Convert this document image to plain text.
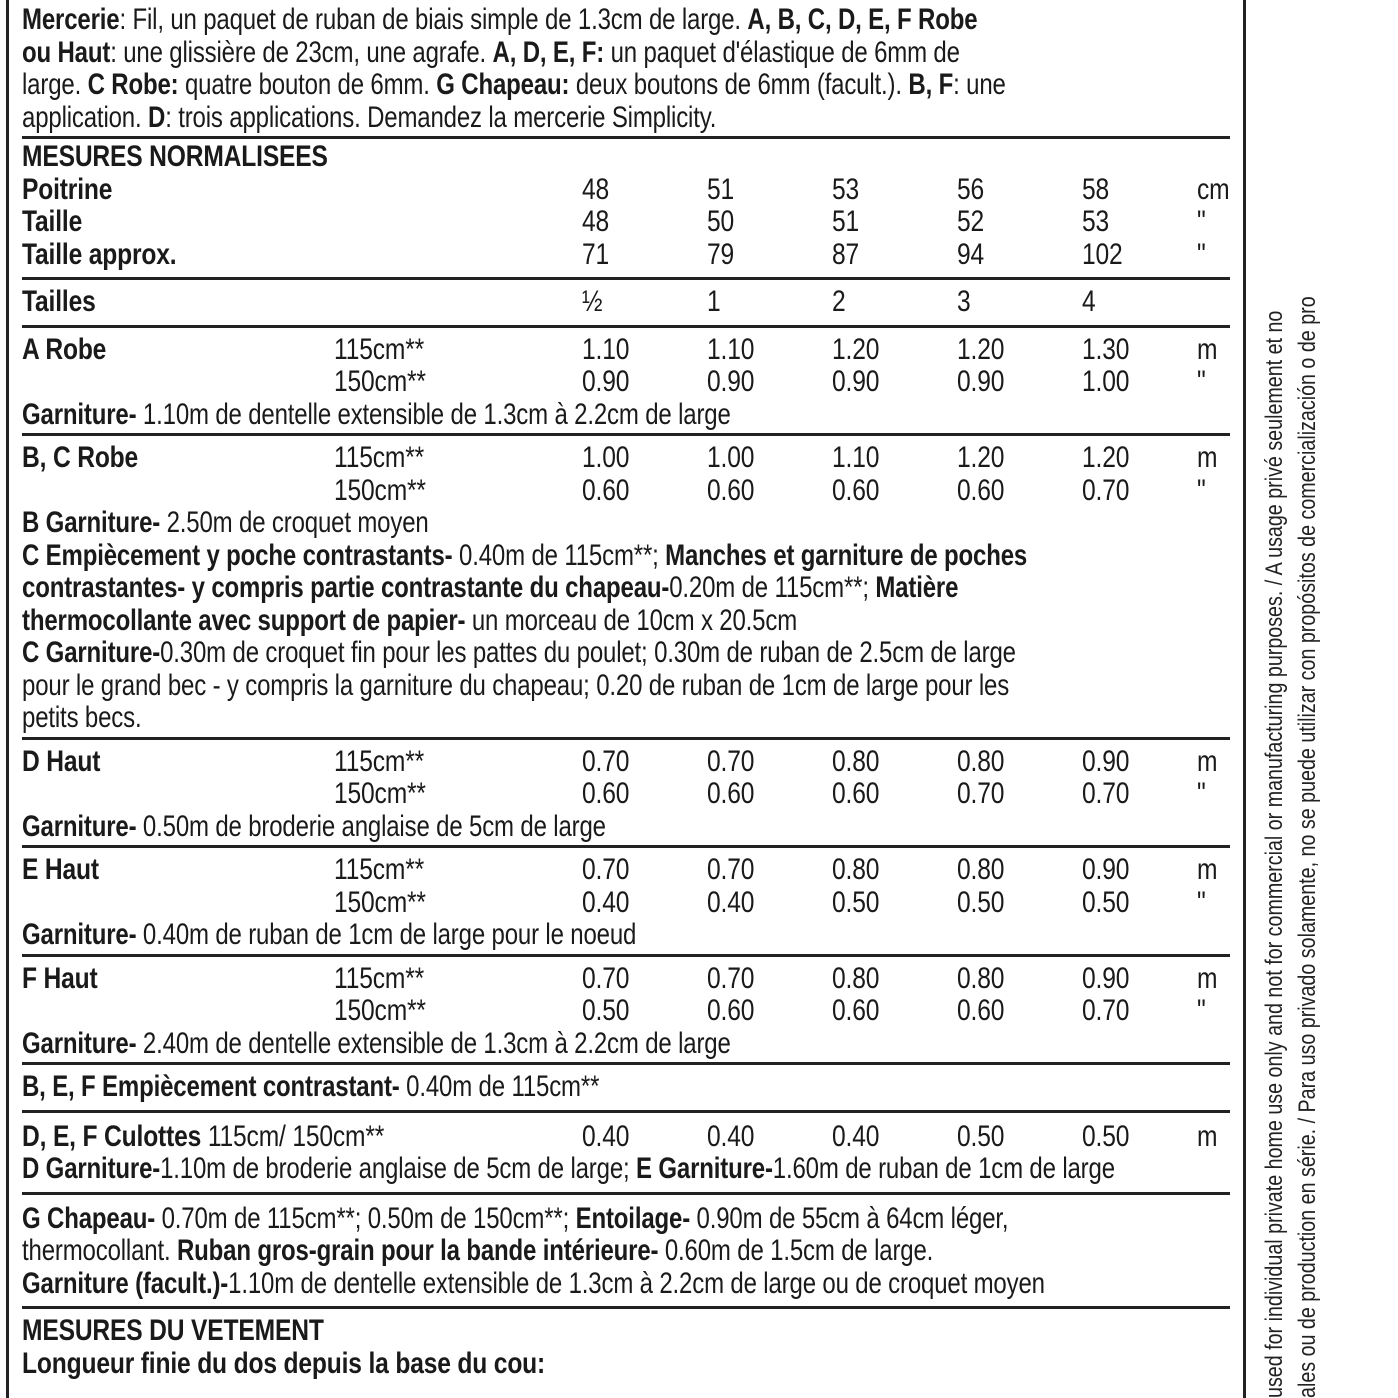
Mercerie: Fil, un paquet de ruban de biais simple de 1.3cm de large. A, B, C, D, E, F Robe
ou Haut: une glissière de 23cm, une agrafe. A, D, E, F: un paquet d'élastique de 6mm de
large. C Robe: quatre bouton de 6mm. G Chapeau: deux boutons de 6mm (facult.). B, F: une
application. D: trois applications. Demandez la mercerie Simplicity.
MESURES NORMALISEES
Poitrine	48	51	53	56	58	cm
Taille	48	50	51	52	53	"
Taille approx.	71	79	87	94	102 "
Tailles	½	1	2	3	4
A Robe	115cm**	1.10	1.10	1.20	1.20	1.30 m
150cm**	0.90	0.90	0.90	0.90	1.00 "
Garniture- 1.10m de dentelle extensible de 1.3cm à 2.2cm de large
B, C Robe	115cm**	1.00	1.00	1.10	1.20	1.20 m
150cm**	0.60	0.60	0.60	0.60	0.70 "
B Garniture- 2.50m de croquet moyen
C Empiècement y poche contrastants- 0.40m de 115cm**; Manches et garniture de poches
contrastantes- y compris partie contrastante du chapeau-0.20m de 115cm**; Matière
thermocollante avec support de papier- un morceau de 10cm x 20.5cm
C Garniture-0.30m de croquet fin pour les pattes du poulet; 0.30m de ruban de 2.5cm de large
pour le grand bec - y compris la garniture du chapeau; 0.20 de ruban de 1cm de large pour les
petits becs.
D Haut	115cm**	0.70	0.70	0.80	0.80	0.90 m
150cm**	0.60	0.60	0.60	0.70	0.70 "
Garniture- 0.50m de broderie anglaise de 5cm de large
E Haut	115cm**	0.70	0.70	0.80	0.80	0.90 m
150cm**	0.40	0.40	0.50	0.50	0.50 "
Garniture- 0.40m de ruban de 1cm de large pour le noeud
F Haut	115cm**	0.70	0.70	0.80	0.80	0.90 m
150cm**	0.50	0.60	0.60	0.60	0.70 "
Garniture- 2.40m de dentelle extensible de 1.3cm à 2.2cm de large
B, E, F Empiècement contrastant- 0.40m de 115cm**
D, E, F Culottes 115cm/ 150cm**	0.40	0.40	0.40	0.50	0.50 m
D Garniture-1.10m de broderie anglaise de 5cm de large; E Garniture-1.60m de ruban de 1cm de large
G Chapeau- 0.70m de 115cm**; 0.50m de 150cm**; Entoilage- 0.90m de 55cm à 64cm léger,
thermocollant. Ruban gros-grain pour la bande intérieure- 0.60m de 1.5cm de large.
Garniture (facult.)-1.10m de dentelle extensible de 1.3cm à 2.2cm de large ou de croquet moyen
MESURES DU VETEMENT
Longueur finie du dos depuis la base du cou:	used for individual private home use only and not for commercial or manufacturing purposes. / A usage privé seulement et no ales ou de production en série. / Para uso privado solamente, no se puede utilizar con propósitos de comercialización o de pro
